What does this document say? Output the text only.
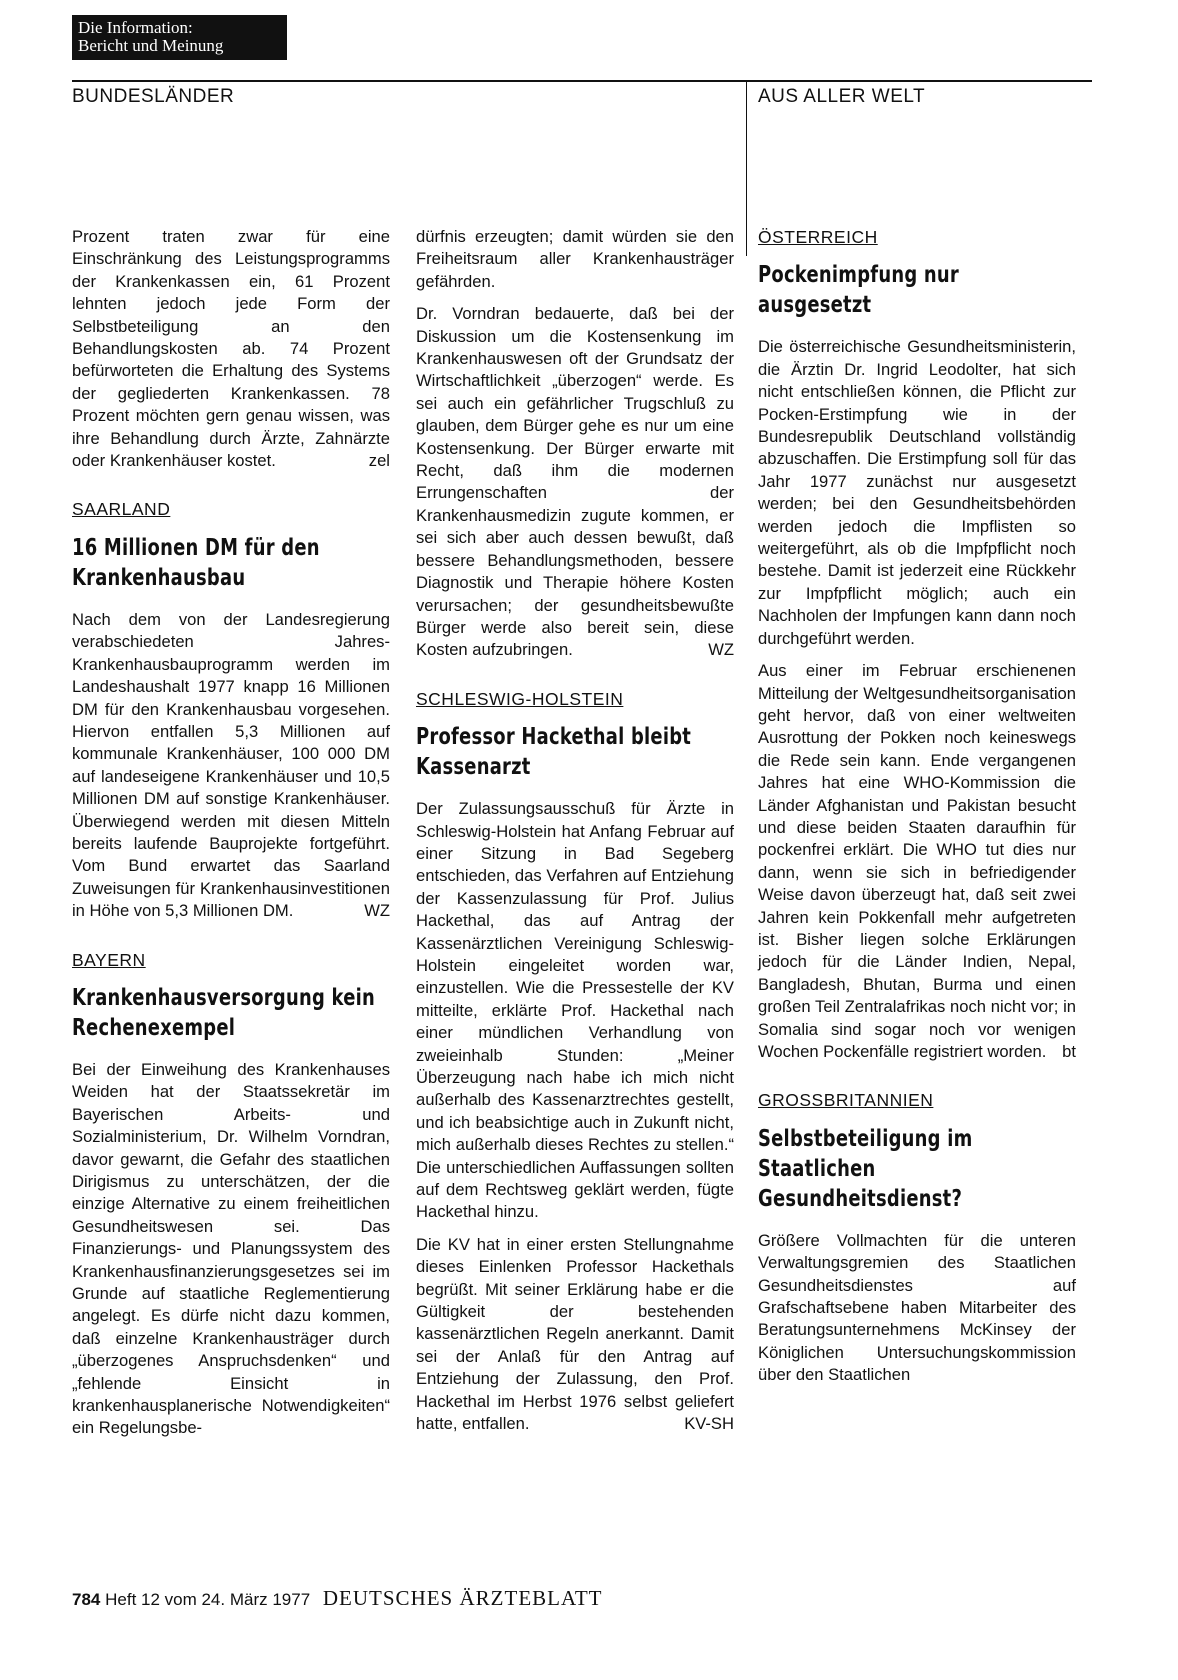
Die Information:
Bericht und Meinung
BUNDESLÄNDER	AUS ALLER WELT

Prozent traten zwar für eine Einschränkung des Leistungsprogramms der Krankenkassen ein, 61 Prozent lehnten jedoch jede Form der Selbstbeteiligung an den Behandlungskosten ab. 74 Prozent befürworteten die Erhaltung des Systems der gegliederten Krankenkassen. 78 Prozent möchten gern genau wissen, was ihre Behandlung durch Ärzte, Zahnärzte oder Krankenhäuser kostet.	zel

SAARLAND
16 Millionen DM für den Krankenhausbau

Nach dem von der Landesregierung verabschiedeten Jahres-Krankenhausbauprogramm werden im Landeshaushalt 1977 knapp 16 Millionen DM für den Krankenhausbau vorgesehen. Hiervon entfallen 5,3 Millionen auf kommunale Krankenhäuser, 100 000 DM auf landeseigene Krankenhäuser und 10,5 Millionen DM auf sonstige Krankenhäuser. Überwiegend werden mit diesen Mitteln bereits laufende Bauprojekte fortgeführt. Vom Bund erwartet das Saarland Zuweisungen für Krankenhausinvestitionen in Höhe von 5,3 Millionen DM.	WZ

BAYERN
Krankenhausversorgung kein Rechenexempel

Bei der Einweihung des Krankenhauses Weiden hat der Staatssekretär im Bayerischen Arbeits- und Sozialministerium, Dr. Wilhelm Vorndran, davor gewarnt, die Gefahr des staatlichen Dirigismus zu unterschätzen, der die einzige Alternative zu einem freiheitlichen Gesundheitswesen sei. Das Finanzierungs- und Planungssystem des Krankenhausfinanzierungsgesetzes sei im Grunde auf staatliche Reglementierung angelegt. Es dürfe nicht dazu kommen, daß einzelne Krankenhausträger durch „überzogenes Anspruchsdenken“ und „fehlende Einsicht in krankenhausplanerische Notwendigkeiten“ ein Regelungsbe-

dürfnis erzeugten; damit würden sie den Freiheitsraum aller Krankenhausträger gefährden.

Dr. Vorndran bedauerte, daß bei der Diskussion um die Kostensenkung im Krankenhauswesen oft der Grundsatz der Wirtschaftlichkeit „überzogen“ werde. Es sei auch ein gefährlicher Trugschluß zu glauben, dem Bürger gehe es nur um eine Kostensenkung. Der Bürger erwarte mit Recht, daß ihm die modernen Errungenschaften der Krankenhausmedizin zugute kommen, er sei sich aber auch dessen bewußt, daß bessere Behandlungsmethoden, bessere Diagnostik und Therapie höhere Kosten verursachen; der gesundheitsbewußte Bürger werde also bereit sein, diese Kosten aufzubringen.	WZ

SCHLESWIG-HOLSTEIN
Professor Hackethal bleibt Kassenarzt

Der Zulassungsausschuß für Ärzte in Schleswig-Holstein hat Anfang Februar auf einer Sitzung in Bad Segeberg entschieden, das Verfahren auf Entziehung der Kassenzulassung für Prof. Julius Hackethal, das auf Antrag der Kassenärztlichen Vereinigung Schleswig-Holstein eingeleitet worden war, einzustellen. Wie die Pressestelle der KV mitteilte, erklärte Prof. Hackethal nach einer mündlichen Verhandlung von zweieinhalb Stunden: „Meiner Überzeugung nach habe ich mich nicht außerhalb des Kassenarztrechtes gestellt, und ich beabsichtige auch in Zukunft nicht, mich außerhalb dieses Rechtes zu stellen.“ Die unterschiedlichen Auffassungen sollten auf dem Rechtsweg geklärt werden, fügte Hackethal hinzu.

Die KV hat in einer ersten Stellungnahme dieses Einlenken Professor Hackethals begrüßt. Mit seiner Erklärung habe er die Gültigkeit der bestehenden kassenärztlichen Regeln anerkannt. Damit sei der Anlaß für den Antrag auf Entziehung der Zulassung, den Prof. Hackethal im Herbst 1976 selbst geliefert hatte, entfallen.	KV-SH

ÖSTERREICH
Pockenimpfung nur ausgesetzt

Die österreichische Gesundheitsministerin, die Ärztin Dr. Ingrid Leodolter, hat sich nicht entschließen können, die Pflicht zur Pocken-Erstimpfung wie in der Bundesrepublik Deutschland vollständig abzuschaffen. Die Erstimpfung soll für das Jahr 1977 zunächst nur ausgesetzt werden; bei den Gesundheitsbehörden werden jedoch die Impflisten so weitergeführt, als ob die Impfpflicht noch bestehe. Damit ist jederzeit eine Rückkehr zur Impfpflicht möglich; auch ein Nachholen der Impfungen kann dann noch durchgeführt werden.

Aus einer im Februar erschienenen Mitteilung der Weltgesundheitsorganisation geht hervor, daß von einer weltweiten Ausrottung der Pokken noch keineswegs die Rede sein kann. Ende vergangenen Jahres hat eine WHO-Kommission die Länder Afghanistan und Pakistan besucht und diese beiden Staaten daraufhin für pockenfrei erklärt. Die WHO tut dies nur dann, wenn sie sich in befriedigender Weise davon überzeugt hat, daß seit zwei Jahren kein Pokkenfall mehr aufgetreten ist. Bisher liegen solche Erklärungen jedoch für die Länder Indien, Nepal, Bangladesh, Bhutan, Burma und einen großen Teil Zentralafrikas noch nicht vor; in Somalia sind sogar noch vor wenigen Wochen Pockenfälle registriert worden. bt

GROSSBRITANNIEN
Selbstbeteiligung im Staatlichen Gesundheitsdienst?

Größere Vollmachten für die unteren Verwaltungsgremien des Staatlichen Gesundheitsdienstes auf Grafschaftsebene haben Mitarbeiter des Beratungsunternehmens McKinsey der Königlichen Untersuchungskommission über den Staatlichen

784 Heft 12 vom 24. März 1977 DEUTSCHES ÄRZTEBLATT
